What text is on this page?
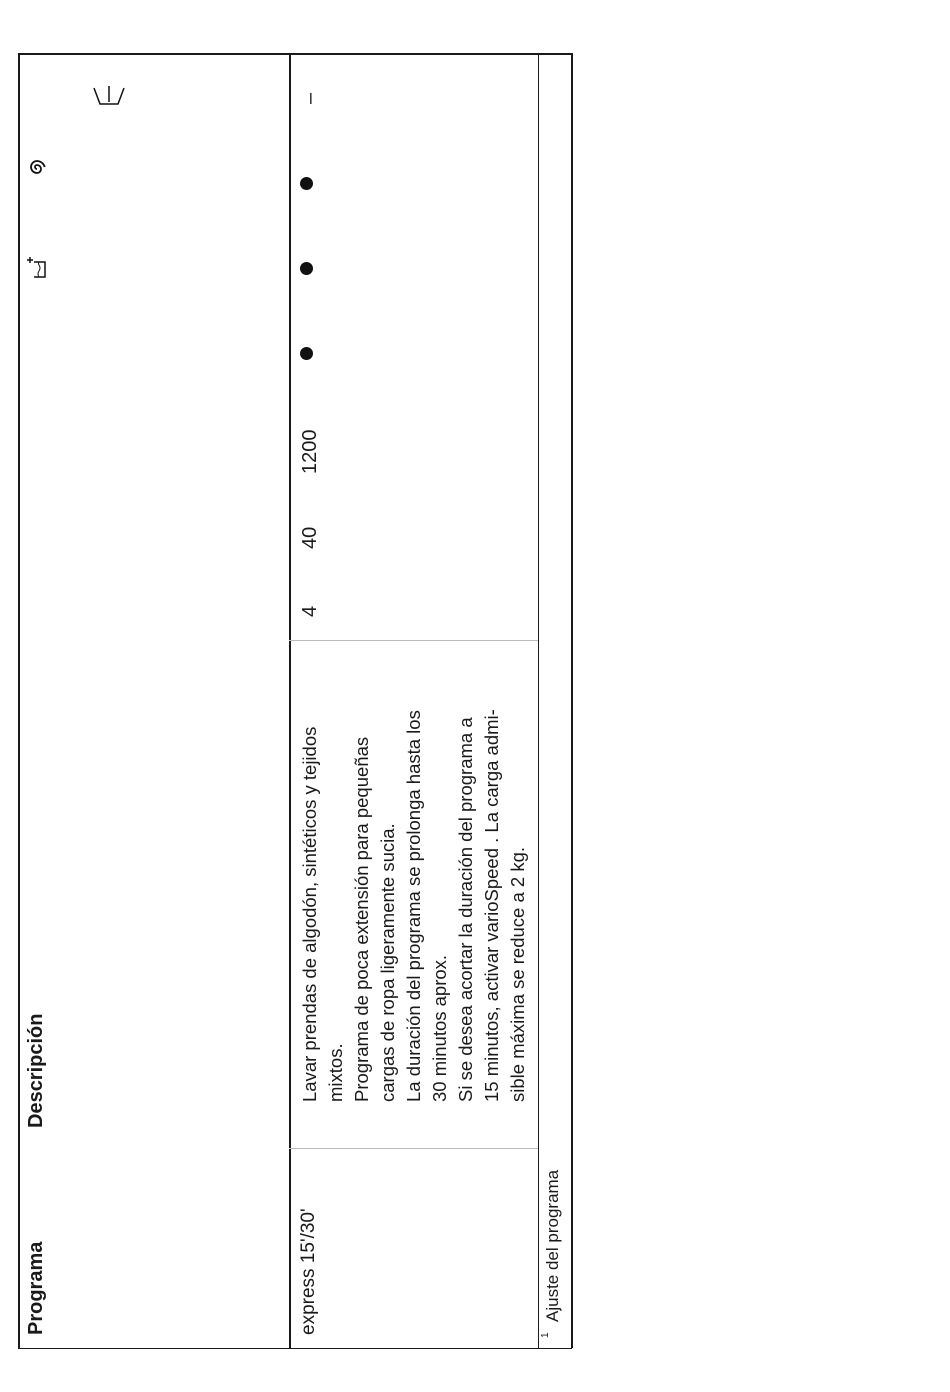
Programa
Descripción
express 15'/30'
Lavar prendas de algodón, sintéticos y tejidos mixtos. Programa de poca extensión para pequeñas cargas de ropa ligeramente sucia. La duración del programa se prolonga hasta los 30 minutos aprox. Si se desea acortar la duración del programa a 15 minutos, activar varioSpeed . La carga admi- sible máxima se reduce a 2 kg.
4
40
1200
–
1
Ajuste del programa
